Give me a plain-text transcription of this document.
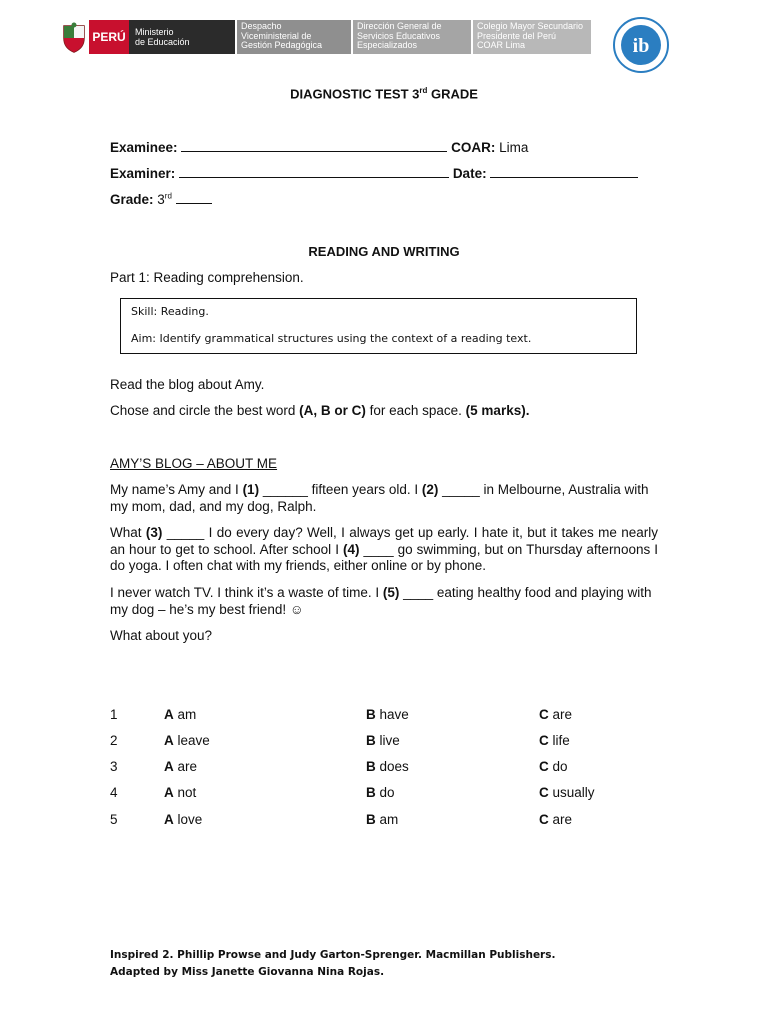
PERÚ Ministerio
de Educación
Despacho
Viceministerial de
Gestión Pedagógica
Dirección General de
Servicios Educativos
Especializados
Colegio Mayor Secundario
Presidente del Perú
COAR Lima	ib
DIAGNOSTIC TEST 3rd GRADE
Examinee:	COAR: Lima
Examiner:	Date:
Grade: 3rd
READING AND WRITING
Part 1: Reading comprehension.
Skill: Reading.
Aim: Identify grammatical structures using the context of a reading text.
Read the blog about Amy.
Chose and circle the best word (A, B or C) for each space. (5 marks).
AMY’S BLOG – ABOUT ME
My name’s Amy and I (1) ______ fifteen years old. I (2) _____ in Melbourne, Australia with my mom, dad, and my dog, Ralph.
What (3) _____ I do every day? Well, I always get up early. I hate it, but it takes me nearly an hour to get to school. After school I (4) ____ go swimming, but on Thursday afternoons I do yoga. I often chat with my friends, either online or by phone.
I never watch TV. I think it’s a waste of time. I (5) ____ eating healthy food and playing with my dog – he’s my best friend! ☺
What about you?
1	A am	B have	C are
2	A leave	B live	C life
3	A are	B does	C do
4	A not	B do	C usually
5	A love	B am	C are
Inspired 2. Phillip Prowse and Judy Garton-Sprenger. Macmillan Publishers.
Adapted by Miss Janette Giovanna Nina Rojas.
